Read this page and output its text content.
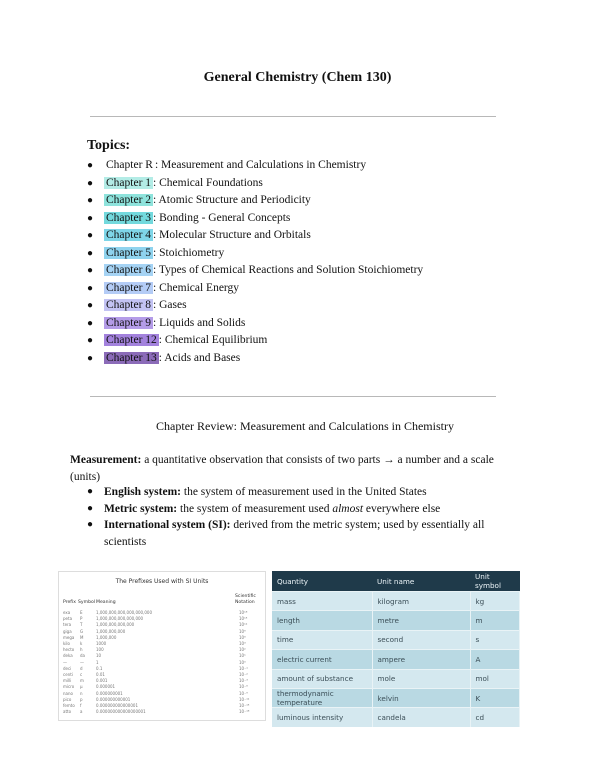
General Chemistry (Chem 130)
Topics:
● Chapter R : Measurement and Calculations in Chemistry
● Chapter 1 : Chemical Foundations
● Chapter 2 : Atomic Structure and Periodicity
● Chapter 3 : Bonding - General Concepts
● Chapter 4 : Molecular Structure and Orbitals
● Chapter 5 : Stoichiometry
● Chapter 6 : Types of Chemical Reactions and Solution Stoichiometry
● Chapter 7 : Chemical Energy
● Chapter 8 : Gases
● Chapter 9 : Liquids and Solids
● Chapter 12 : Chemical Equilibrium
● Chapter 13 : Acids and Bases
Chapter Review: Measurement and Calculations in Chemistry
Measurement: a quantitative observation that consists of two parts → a number and a scale (units)
● English system: the system of measurement used in the United States
● Metric system: the system of measurement used almost everywhere else
● International system (SI): derived from the metric system; used by essentially all scientists
The Prefixes Used with SI Units
Prefix Symbol Meaning
Scientific
Notation
exa E	1,000,000,000,000,000,000	10¹⁸
peta P	1,000,000,000,000,000	10¹⁵
tera T	1,000,000,000,000	10¹²
giga G	1,000,000,000	10⁹
mega M	1,000,000	10⁶
kilo	k	1000	10³
hecto h	100	10²
deka da	10	10¹
—	—	1	10⁰
deci d	0.1	10⁻¹
centi c	0.01	10⁻²
milli m	0.001	10⁻³
micro μ	0.000001	10⁻⁶
nano n	0.000000001	10⁻⁹
pico p	0.000000000001	10⁻¹²
femto f	0.000000000000001	10⁻¹⁵
atto a	0.000000000000000001	10⁻¹⁸
Quantity	Unit name	Unit symbol
mass	kilogram	kg
length	metre	m
time	second	s
electric current	ampere	A
amount of substance	mole	mol
thermodynamic temperature	kelvin	K
luminous intensity	candela	cd
